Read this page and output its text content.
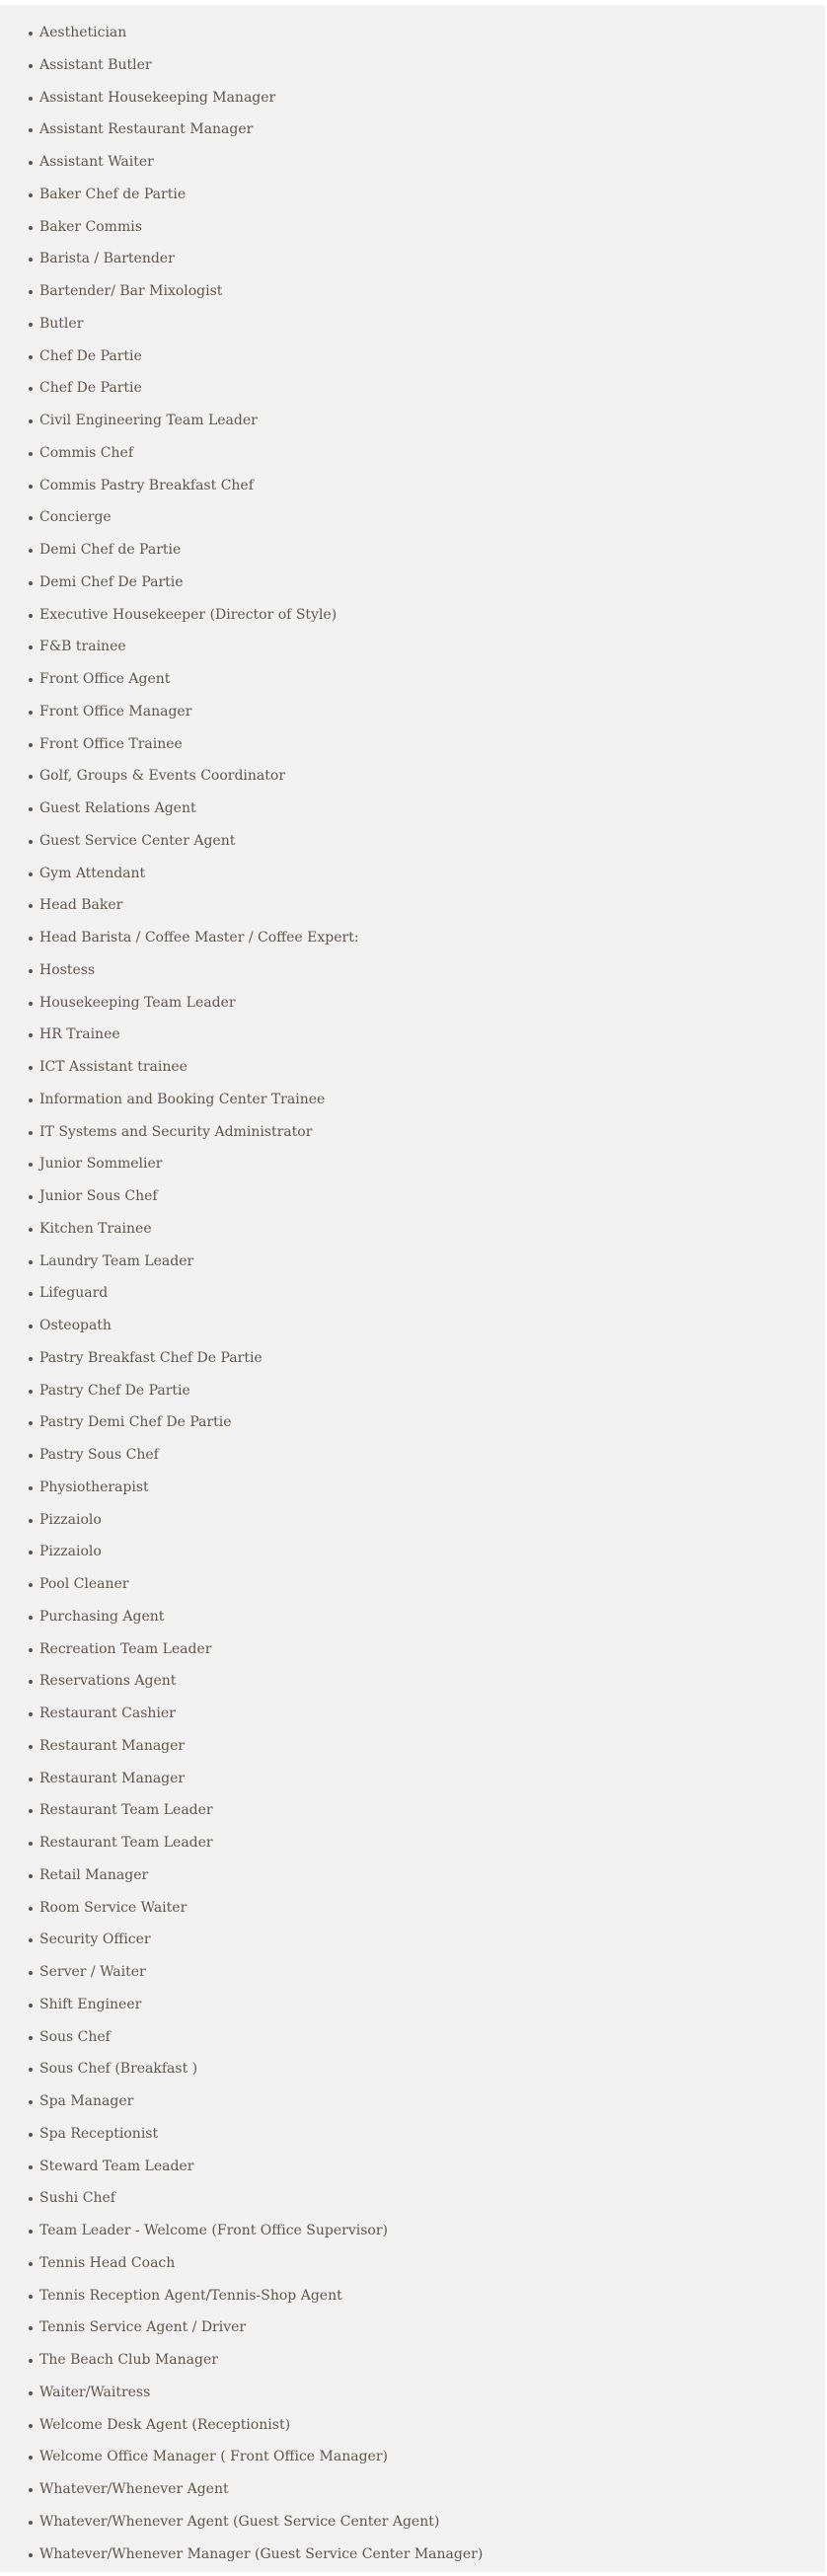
Aesthetician
Assistant Butler
Assistant Housekeeping Manager
Assistant Restaurant Manager
Assistant Waiter
Baker Chef de Partie
Baker Commis
Barista / Bartender
Bartender/ Bar Mixologist
Butler
Chef De Partie
Chef De Partie
Civil Engineering Team Leader
Commis Chef
Commis Pastry Breakfast Chef
Concierge
Demi Chef de Partie
Demi Chef De Partie
Executive Housekeeper (Director of Style)
F&B trainee
Front Office Agent
Front Office Manager
Front Office Trainee
Golf, Groups & Events Coordinator
Guest Relations Agent
Guest Service Center Agent
Gym Attendant
Head Baker
Head Barista / Coffee Master / Coffee Expert:
Hostess
Housekeeping Team Leader
HR Trainee
ICT Assistant trainee
Information and Booking Center Trainee
IT Systems and Security Administrator
Junior Sommelier
Junior Sous Chef
Kitchen Trainee
Laundry Team Leader
Lifeguard
Osteopath
Pastry Breakfast Chef De Partie
Pastry Chef De Partie
Pastry Demi Chef De Partie
Pastry Sous Chef
Physiotherapist
Pizzaiolo
Pizzaiolo
Pool Cleaner
Purchasing Agent
Recreation Team Leader
Reservations Agent
Restaurant Cashier
Restaurant Manager
Restaurant Manager
Restaurant Team Leader
Restaurant Team Leader
Retail Manager
Room Service Waiter
Security Officer
Server / Waiter
Shift Engineer
Sous Chef
Sous Chef (Breakfast )
Spa Manager
Spa Receptionist
Steward Team Leader
Sushi Chef
Team Leader - Welcome (Front Office Supervisor)
Tennis Head Coach
Tennis Reception Agent/Tennis-Shop Agent
Tennis Service Agent / Driver
The Beach Club Manager
Waiter/Waitress
Welcome Desk Agent (Receptionist)
Welcome Office Manager ( Front Office Manager)
Whatever/Whenever Agent
Whatever/Whenever Agent (Guest Service Center Agent)
Whatever/Whenever Manager (Guest Service Center Manager)
